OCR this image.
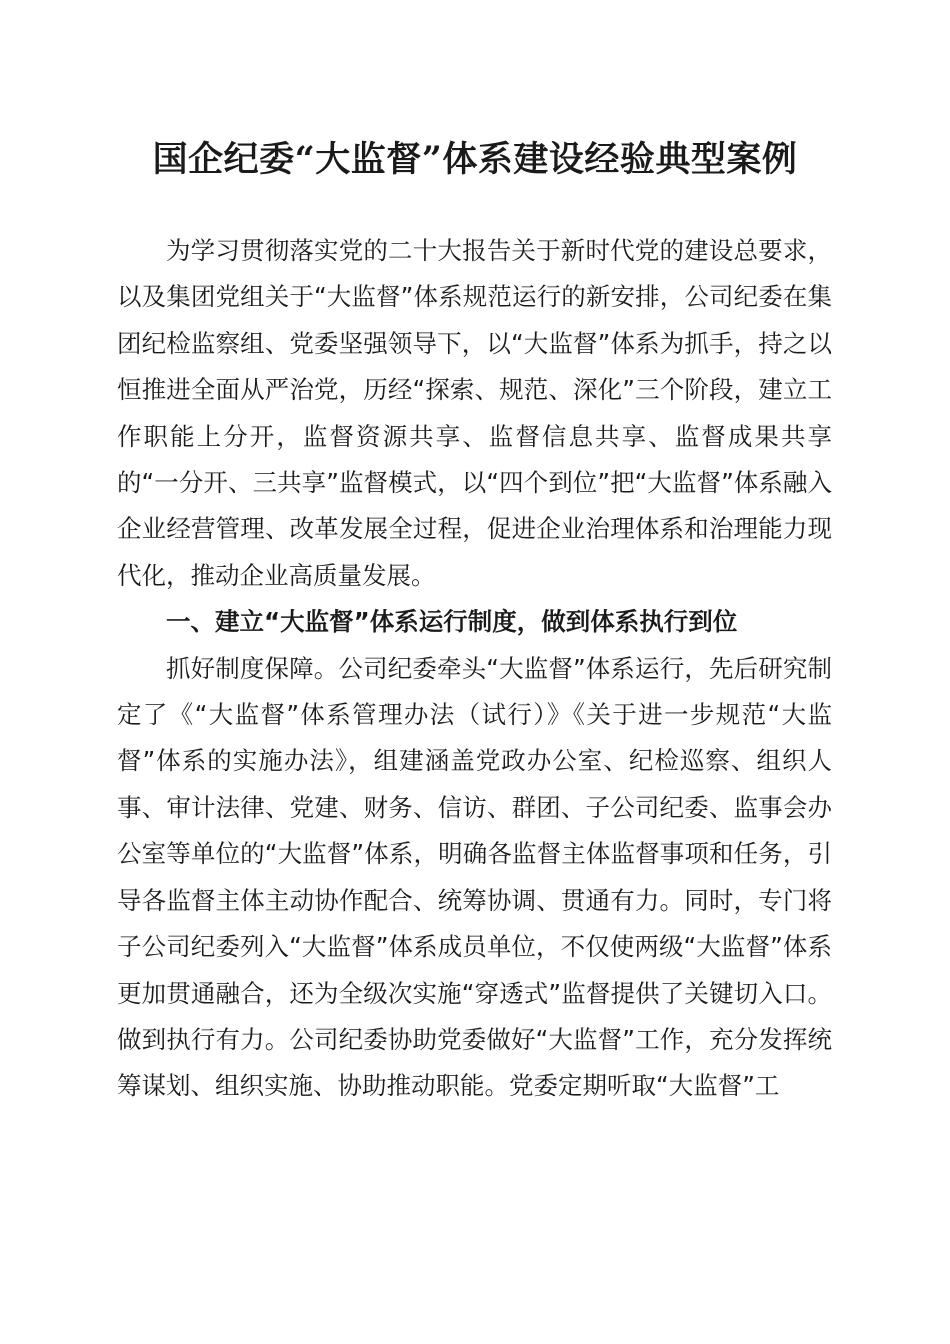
国企纪委“大监督”体系建设经验典型案例

为学习贯彻落实党的二十大报告关于新时代党的建设总要求，以及集团党组关于“大监督”体系规范运行的新安排，公司纪委在集团纪检监察组、党委坚强领导下，以“大监督”体系为抓手，持之以恒推进全面从严治党，历经“探索、规范、深化”三个阶段，建立工作职能上分开，监督资源共享、监督信息共享、监督成果共享的“一分开、三共享”监督模式，以“四个到位”把“大监督”体系融入企业经营管理、改革发展全过程，促进企业治理体系和治理能力现代化，推动企业高质量发展。

一、建立“大监督”体系运行制度，做到体系执行到位

抓好制度保障。公司纪委牵头“大监督”体系运行，先后研究制定了《“大监督”体系管理办法（试行）》《关于进一步规范“大监督”体系的实施办法》，组建涵盖党政办公室、纪检巡察、组织人事、审计法律、党建、财务、信访、群团、子公司纪委、监事会办公室等单位的“大监督”体系，明确各监督主体监督事项和任务，引导各监督主体主动协作配合、统筹协调、贯通有力。同时，专门将子公司纪委列入“大监督”体系成员单位，不仅使两级“大监督”体系更加贯通融合，还为全级次实施“穿透式”监督提供了关键切入口。做到执行有力。公司纪委协助党委做好“大监督”工作，充分发挥统筹谋划、组织实施、协助推动职能。党委定期听取“大监督”工
